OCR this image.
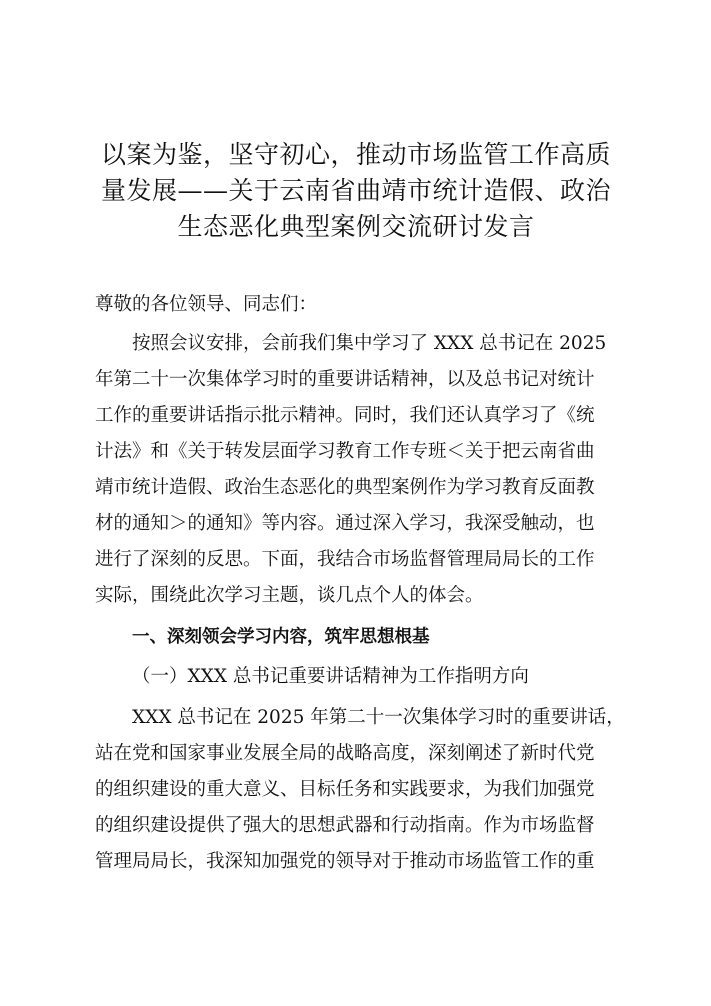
以案为鉴，坚守初心，推动市场监管工作高质
量发展——关于云南省曲靖市统计造假、政治
生态恶化典型案例交流研讨发言

尊敬的各位领导、同志们：

按照会议安排，会前我们集中学习了 XXX 总书记在 2025
年第二十一次集体学习时的重要讲话精神，以及总书记对统计
工作的重要讲话指示批示精神。同时，我们还认真学习了《统
计法》和《关于转发层面学习教育工作专班＜关于把云南省曲
靖市统计造假、政治生态恶化的典型案例作为学习教育反面教
材的通知＞的通知》等内容。通过深入学习，我深受触动，也
进行了深刻的反思。下面，我结合市场监督管理局局长的工作
实际，围绕此次学习主题，谈几点个人的体会。

一、深刻领会学习内容，筑牢思想根基

（一）XXX 总书记重要讲话精神为工作指明方向

XXX 总书记在 2025 年第二十一次集体学习时的重要讲话，
站在党和国家事业发展全局的战略高度，深刻阐述了新时代党
的组织建设的重大意义、目标任务和实践要求，为我们加强党
的组织建设提供了强大的思想武器和行动指南。作为市场监督
管理局局长，我深知加强党的领导对于推动市场监管工作的重
